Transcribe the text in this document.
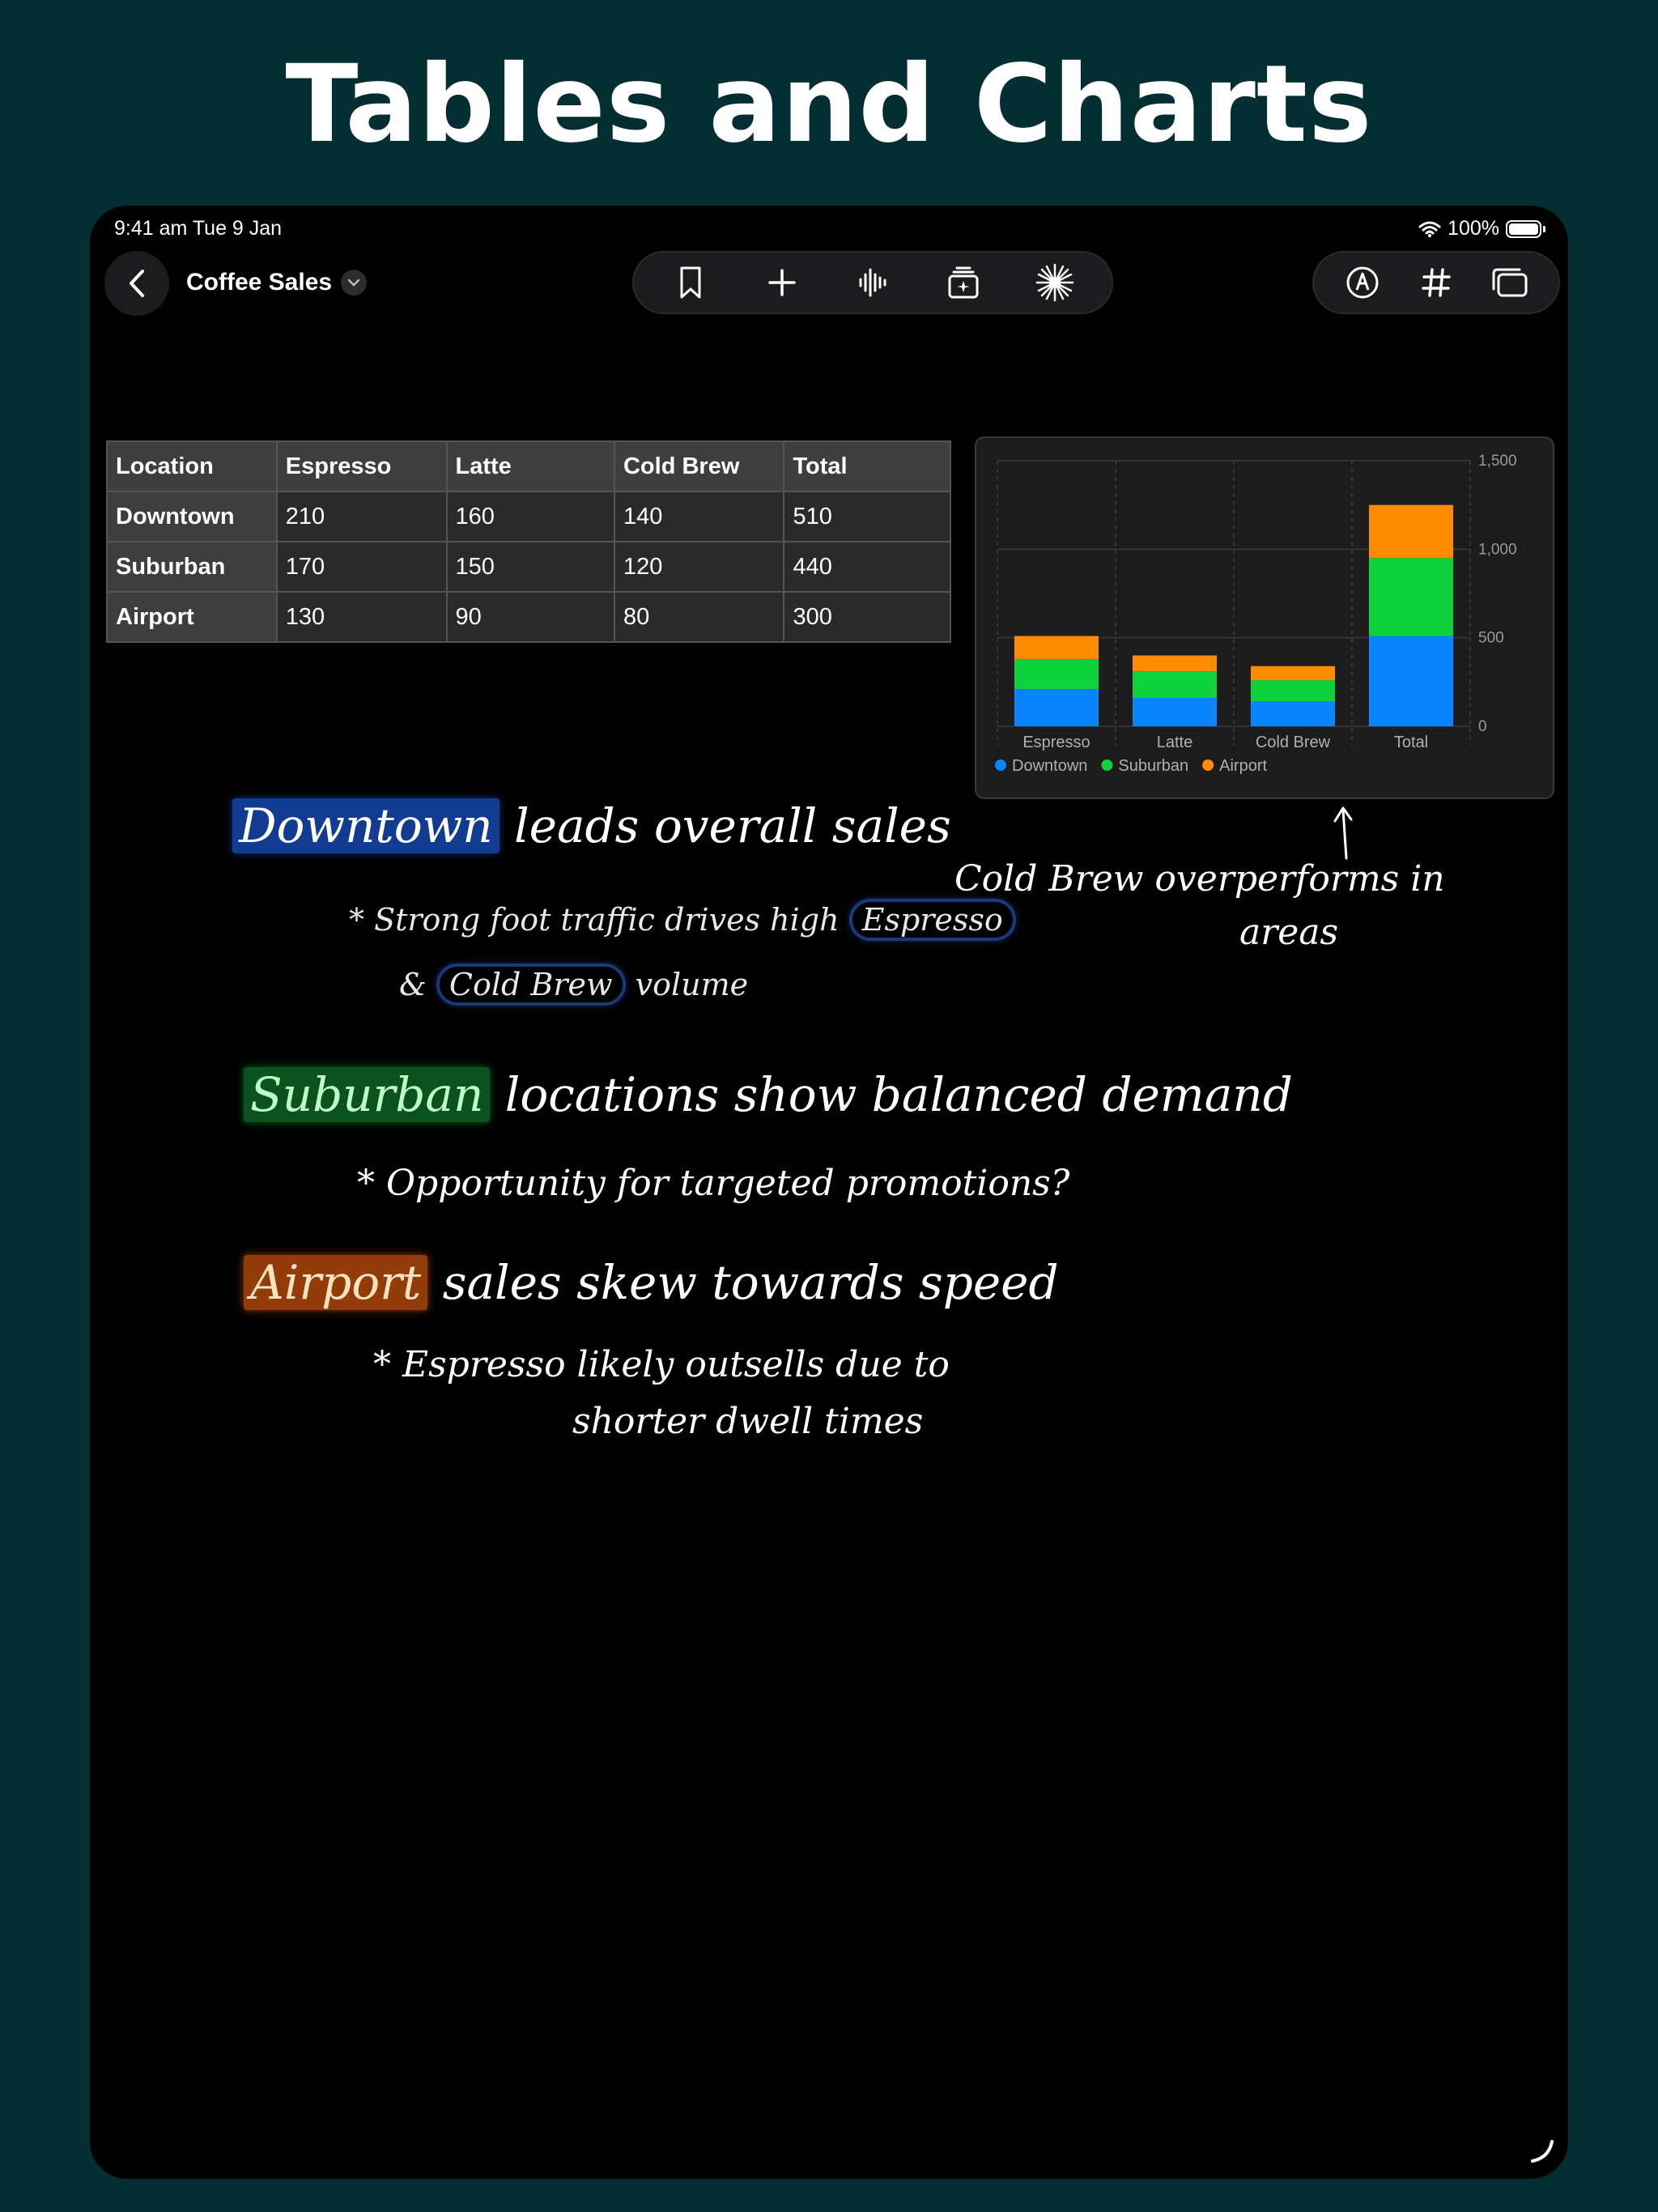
Tables and Charts
9:41 am Tue 9 Jan	100%
Coffee Sales
Location	Espresso	Latte	Cold Brew	Total
Downtown	210	160	140	510
Suburban	170	150	120	440
Airport	130	90	80	300
0
500
1,000
1,500
Espresso	Latte	Cold Brew	Total
Downtown Suburban Airport
Downtown leads overall sales
* Strong foot traffic drives high Espresso
& Cold Brew volume
Cold Brew overperforms in
areas
Suburban locations show balanced demand
* Opportunity for targeted promotions?
Airport sales skew towards speed
* Espresso likely outsells due to
shorter dwell times
